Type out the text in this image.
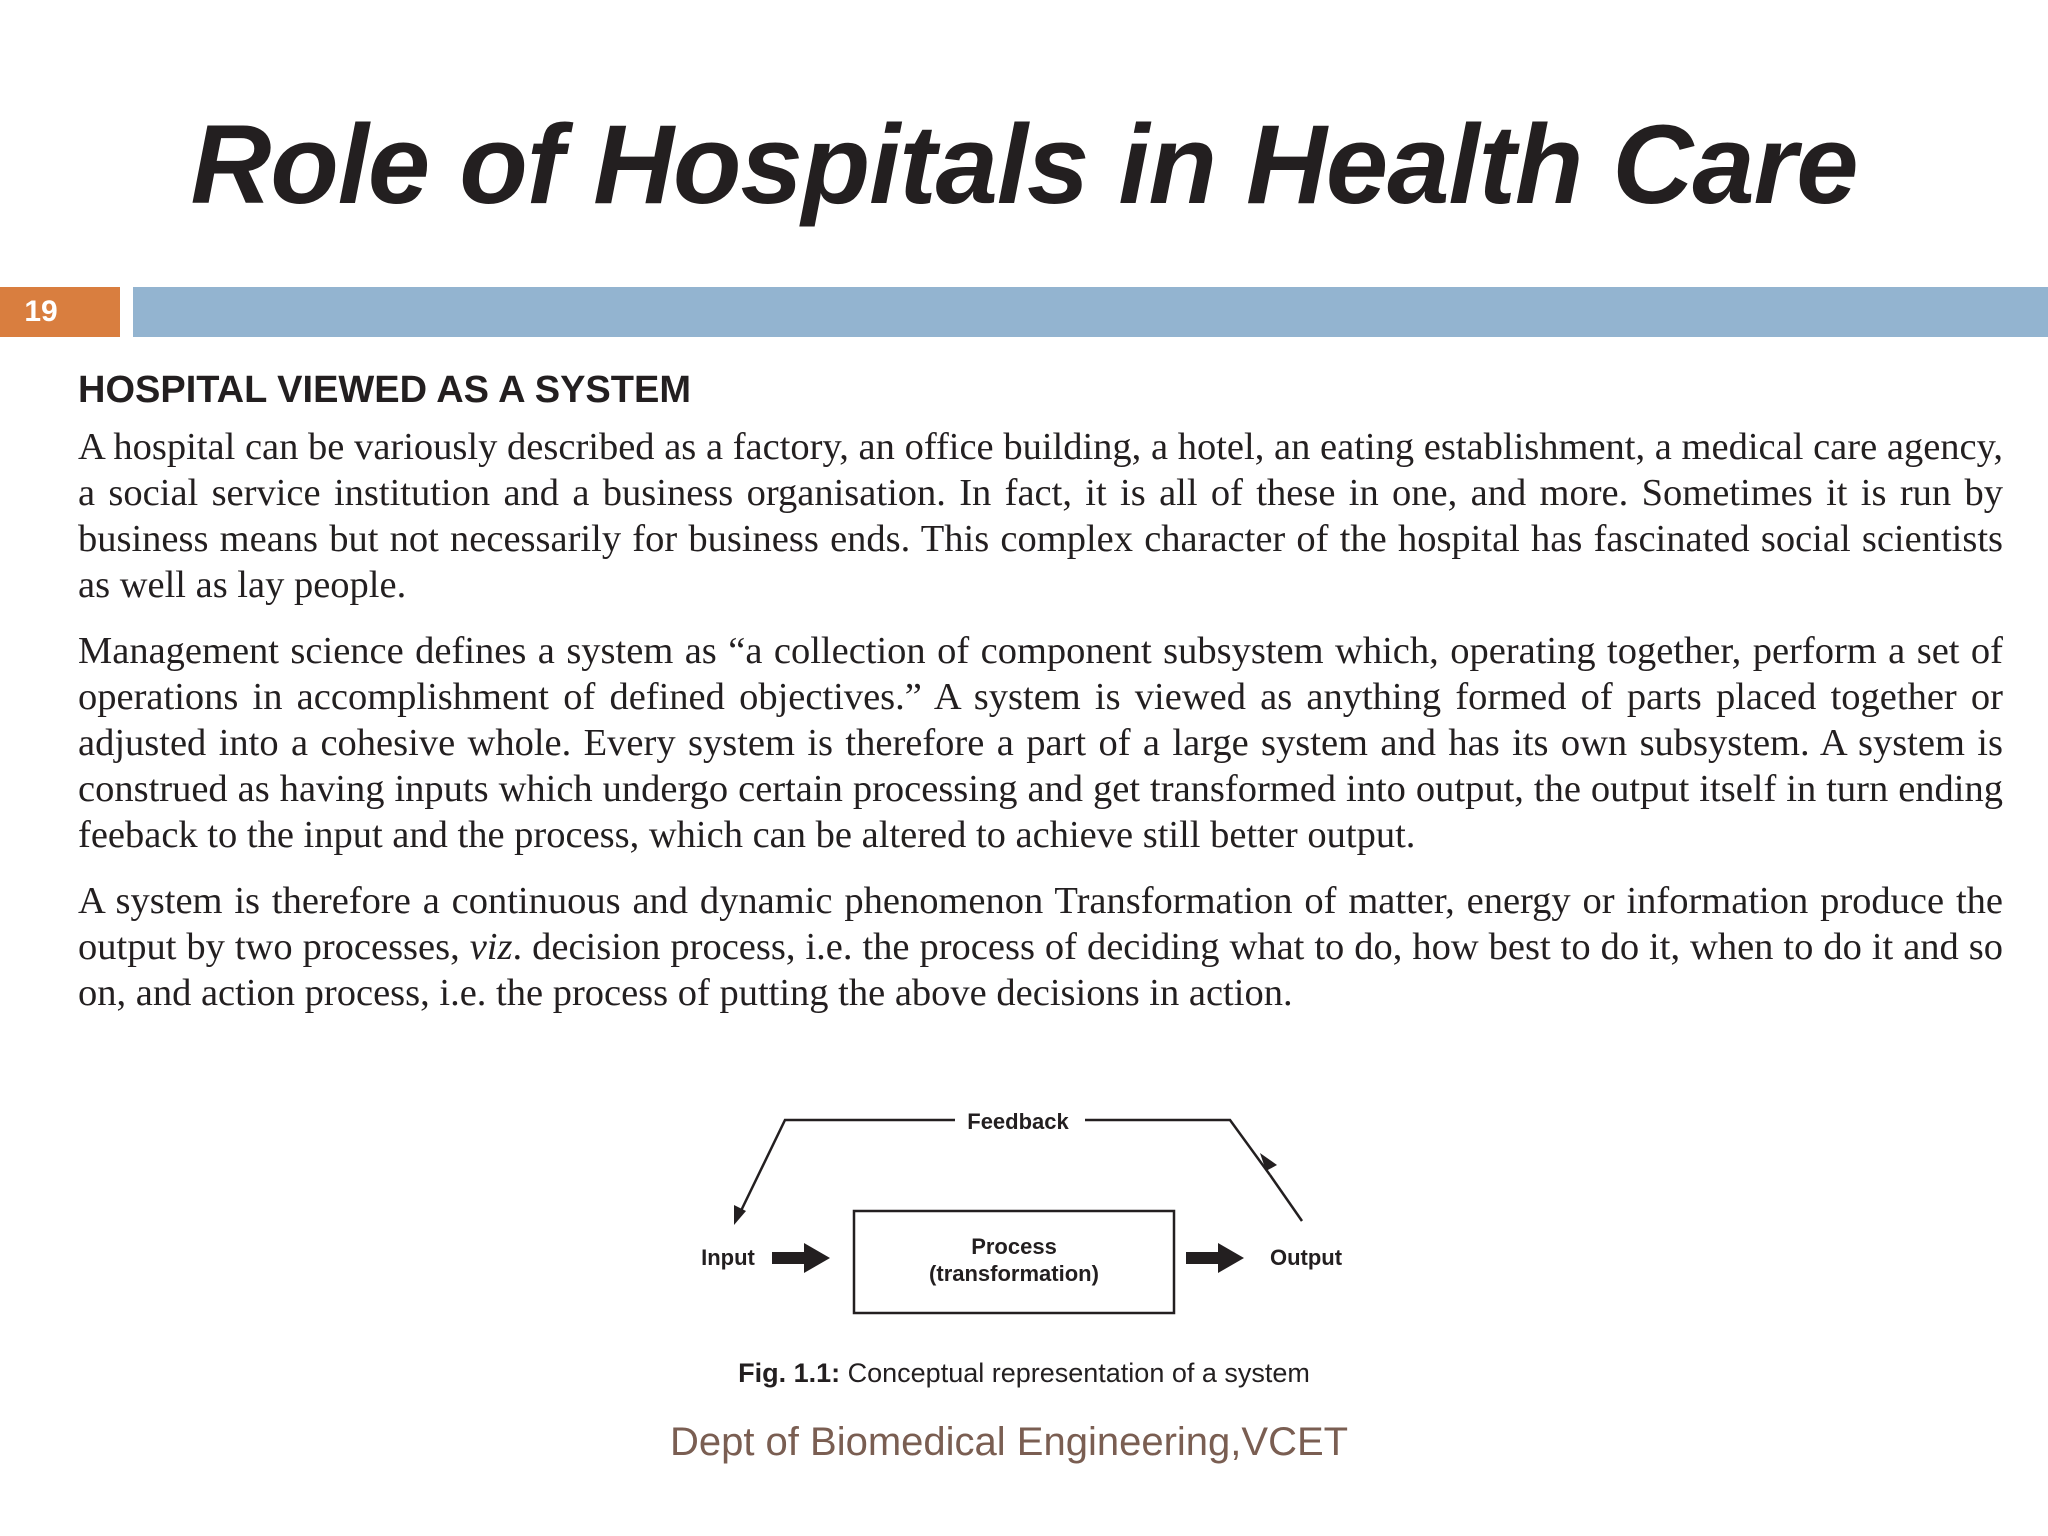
Role of Hospitals in Health Care
19
HOSPITAL VIEWED AS A SYSTEM

A hospital can be variously described as a factory, an office building, a hotel, an eating establishment, a medical care agency, a social service institution and a business organisation. In fact, it is all of these in one, and more. Sometimes it is run by business means but not necessarily for business ends. This complex character of the hospital has fascinated social scientists as well as lay people.

Management science defines a system as “a collection of component subsystem which, operating together, perform a set of operations in accomplishment of defined objectives.” A system is viewed as anything formed of parts placed together or adjusted into a cohesive whole. Every system is therefore a part of a large system and has its own subsystem. A system is construed as having inputs which undergo certain processing and get transformed into output, the output itself in turn ending feeback to the input and the process, which can be altered to achieve still better output.

A system is therefore a continuous and dynamic phenomenon Transformation of matter, energy or information produce the output by two processes, viz. decision process, i.e. the process of deciding what to do, how best to do it, when to do it and so on, and action process, i.e. the process of putting the above decisions in action.

Feedback
Input	Process
(transformation)
Output
Fig. 1.1: Conceptual representation of a system
Dept of Biomedical Engineering,VCET
